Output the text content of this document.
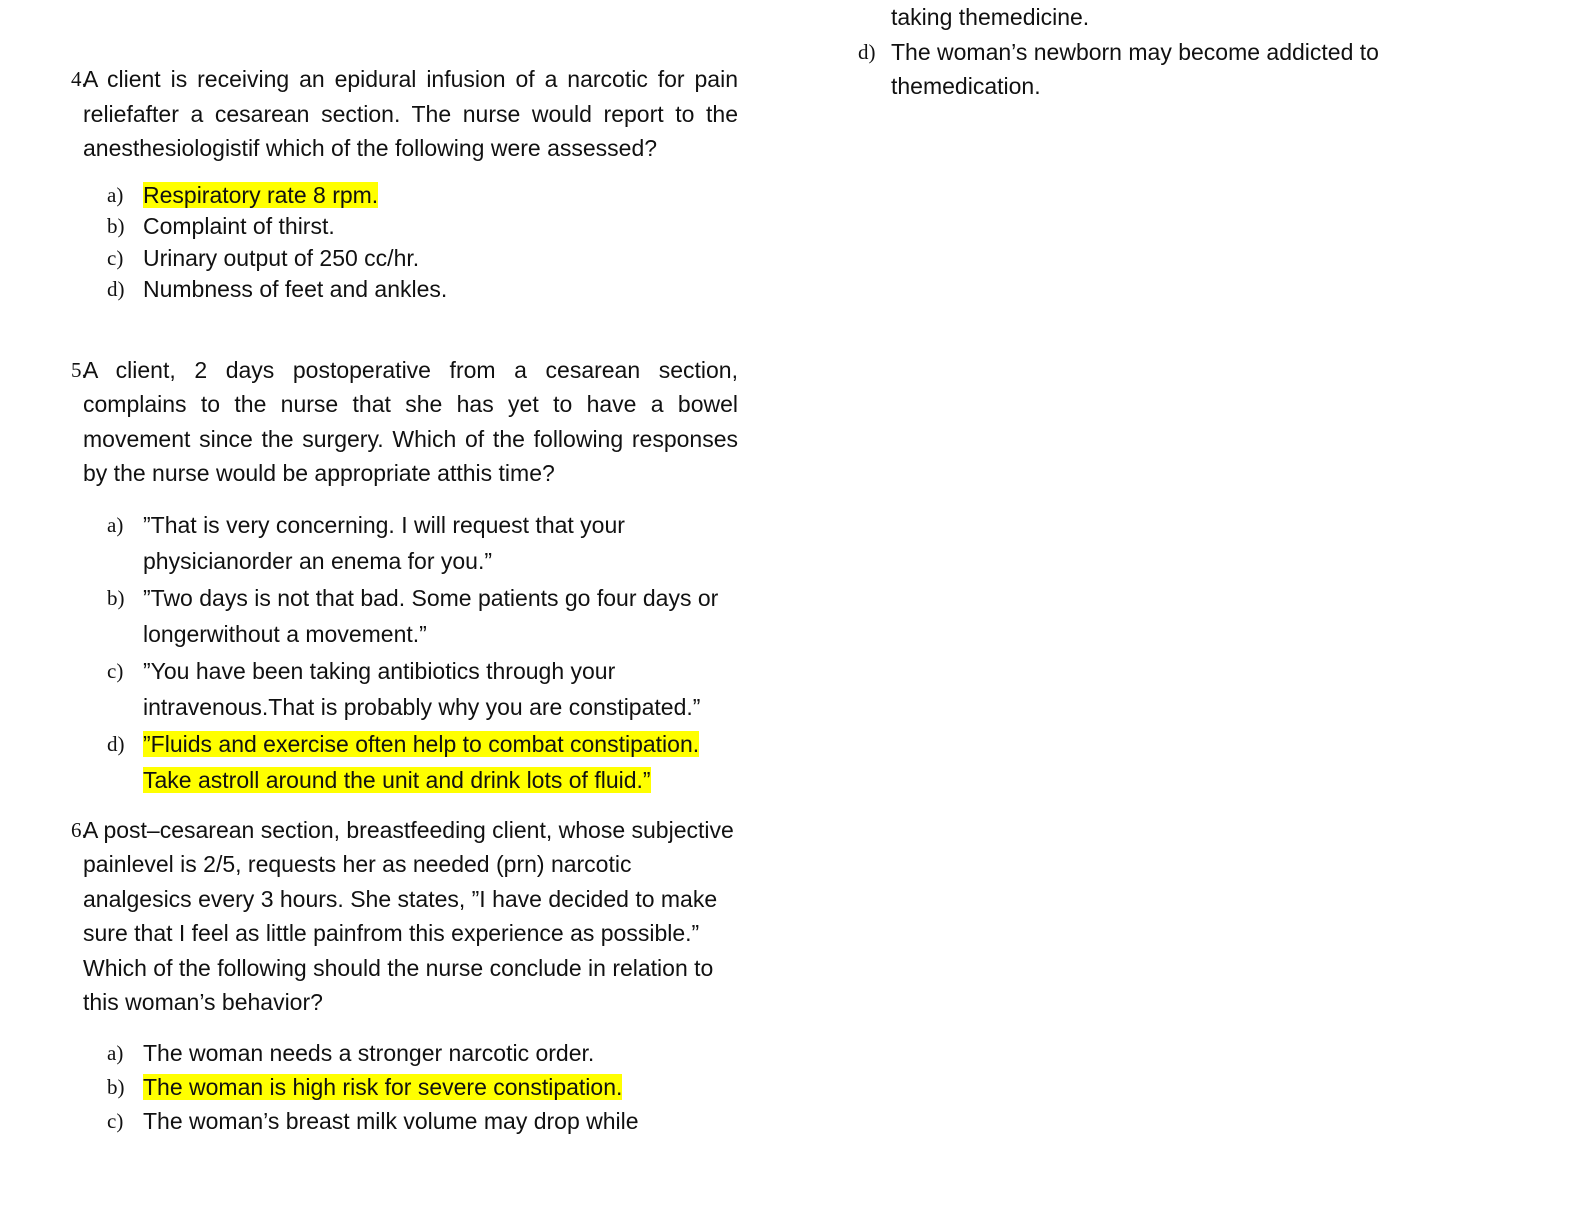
4.
A client is receiving an epidural infusion of a narcotic for pain reliefafter a cesarean section. The nurse would report to the anesthesiologistif which of the following were assessed?
a) Respiratory rate 8 rpm.
b) Complaint of thirst.
c) Urinary output of 250 cc/hr.
d) Numbness of feet and ankles.
5.
A client, 2 days postoperative from a cesarean section, complains to the nurse that she has yet to have a bowel movement since the surgery. Which of the following responses by the nurse would be appropriate atthis time?
a) ”That is very concerning. I will request that your physicianorder an enema for you.”
b) ”Two days is not that bad. Some patients go four days or longerwithout a movement.”
c) ”You have been taking antibiotics through your intravenous.That is probably why you are constipated.”
d) ”Fluids and exercise often help to combat constipation. Take astroll around the unit and drink lots of fluid.”
6.
A post–cesarean section, breastfeeding client, whose subjective painlevel is 2/5, requests her as needed (prn) narcotic analgesics every 3 hours. She states, ”I have decided to make sure that I feel as little painfrom this experience as possible.” Which of the following should the nurse conclude in relation to this woman’s behavior?
a) The woman needs a stronger narcotic order.
b) The woman is high risk for severe constipation.
c) The woman’s breast milk volume may drop while
taking themedicine.
d) The woman’s newborn may become addicted to themedication.
